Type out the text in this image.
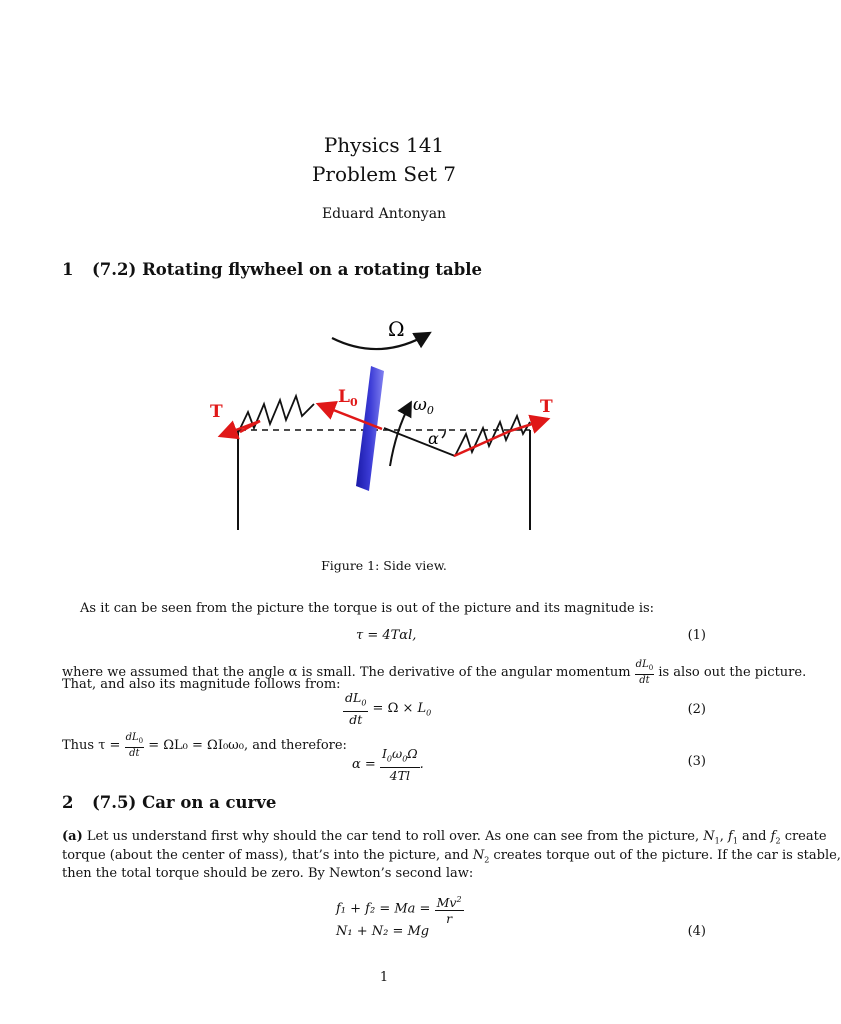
Physics 141
Problem Set 7
Eduard Antonyan
1 (7.2) Rotating flywheel on a rotating table
Ω
$L_0$
T	T
$\omega_0$
α
Figure 1: Side view.
As it can be seen from the picture the torque is out of the picture and its magnitude is:
τ = 4Tαl,	(1)
where we assumed that the angle α is small. The derivative of the angular momentum $\frac{dL_0}{dt}$ is also out the picture.
That, and also its magnitude follows from:
$\frac{dL_0}{dt} = \Omega \times L_0$	(2)
Thus $\tau = \frac{dL_0}{dt} = \Omega L_0 = \Omega I_0\omega_0$, and therefore:
$\alpha = \frac{I_0\omega_0\Omega}{4Tl}$ .	(3)
2 (7.5) Car on a curve
(a) Let us understand first why should the car tend to roll over. As one can see from the picture, $N_1$, $f_1$ and $f_2$ create
torque (about the center of mass), that’s into the picture, and $N_2$ creates torque out of the picture. If the car is stable,
then the total torque should be zero. By Newton’s second law:
$f_1 + f_2 = Ma = \frac{Mv^2}{r}$
N₁ + N₂ = Mg	(4)
1
